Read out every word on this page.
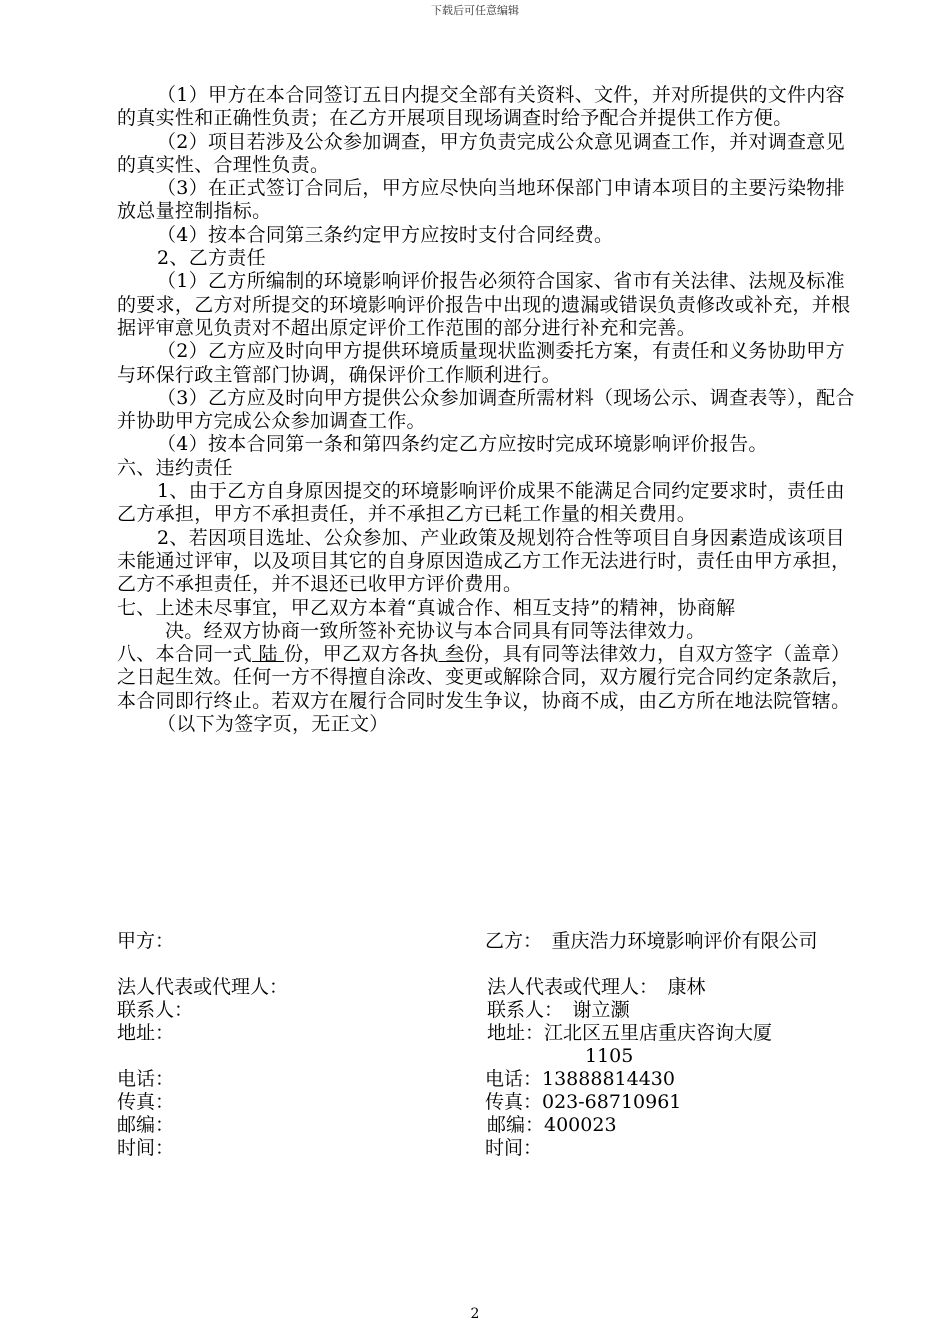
下载后可任意编辑

（1）甲方在本合同签订五日内提交全部有关资料、文件，并对所提供的文件内容的真实性和正确性负责；在乙方开展项目现场调查时给予配合并提供工作方便。

（2）项目若涉及公众参加调查，甲方负责完成公众意见调查工作，并对调查意见的真实性、合理性负责。

（3）在正式签订合同后，甲方应尽快向当地环保部门申请本项目的主要污染物排放总量控制指标。

（4）按本合同第三条约定甲方应按时支付合同经费。

2、乙方责任

（1）乙方所编制的环境影响评价报告必须符合国家、省市有关法律、法规及标准的要求，乙方对所提交的环境影响评价报告中出现的遗漏或错误负责修改或补充，并根据评审意见负责对不超出原定评价工作范围的部分进行补充和完善。

（2）乙方应及时向甲方提供环境质量现状监测委托方案，有责任和义务协助甲方与环保行政主管部门协调，确保评价工作顺利进行。

（3）乙方应及时向甲方提供公众参加调查所需材料（现场公示、调查表等），配合并协助甲方完成公众参加调查工作。

（4）按本合同第一条和第四条约定乙方应按时完成环境影响评价报告。

六、违约责任

1、由于乙方自身原因提交的环境影响评价成果不能满足合同约定要求时，责任由乙方承担，甲方不承担责任，并不承担乙方已耗工作量的相关费用。

2、若因项目选址、公众参加、产业政策及规划符合性等项目自身因素造成该项目未能通过评审，以及项目其它的自身原因造成乙方工作无法进行时，责任由甲方承担，乙方不承担责任，并不退还已收甲方评价费用。

七、上述未尽事宜，甲乙双方本着“真诚合作、相互支持”的精神，协商解

决。经双方协商一致所签补充协议与本合同具有同等法律效力。

八、本合同一式 陆 份，甲乙双方各执 叁份，具有同等法律效力，自双方签字（盖章）之日起生效。任何一方不得擅自涂改、变更或解除合同，双方履行完合同约定条款后，本合同即行终止。若双方在履行合同时发生争议，协商不成，由乙方所在地法院管辖。

（以下为签字页，无正文）

甲方：
法人代表或代理人：
联系人：
地址：
电话：
传真：
邮编：
时间：
乙方：　重庆浩力环境影响评价有限公司
法人代表或代理人：　康林
联系人：　谢立灏
地址：江北区五里店重庆咨询大厦
1105
电话：13888814430
传真：023-68710961
邮编：400023
时间：
2
